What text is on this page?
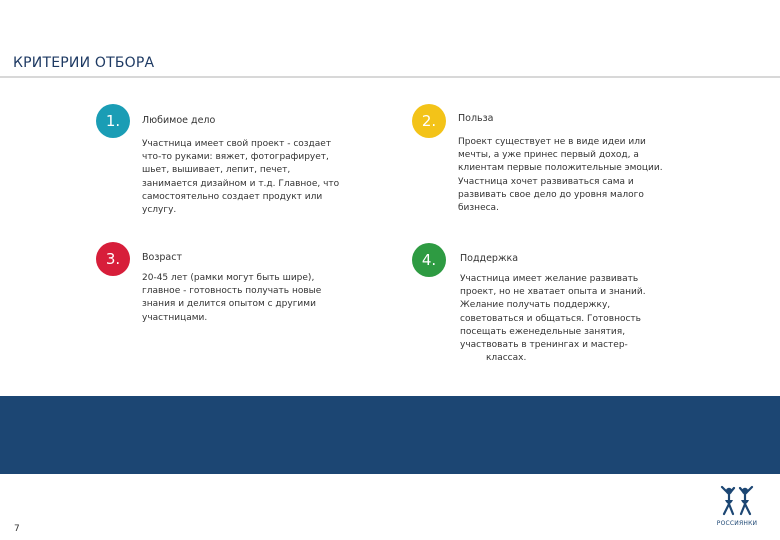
КРИТЕРИИ ОТБОРА
1.	Любимое дело
Участница имеет свой проект - создает
что-то руками: вяжет, фотографирует,
шьет, вышивает, лепит, печет,
занимается дизайном и т.д. Главное, что
самостоятельно создает продукт или
услугу.
2.	Польза
Проект существует не в виде идеи или
мечты, а уже принес первый доход, а
клиентам первые положительные эмоции.
Участница хочет развиваться сама и
развивать свое дело до уровня малого
бизнеса.
3.	Возраст
20-45 лет (рамки могут быть шире),
главное - готовность получать новые
знания и делится опытом с другими
участницами.
4.	Поддержка
Участница имеет желание развивать
проект, но не хватает опыта и знаний.
Желание получать поддержку,
советоваться и общаться. Готовность
посещать еженедельные занятия,
участвовать в тренингах и мастер-
классах.
7
РОССИЯНКИ
